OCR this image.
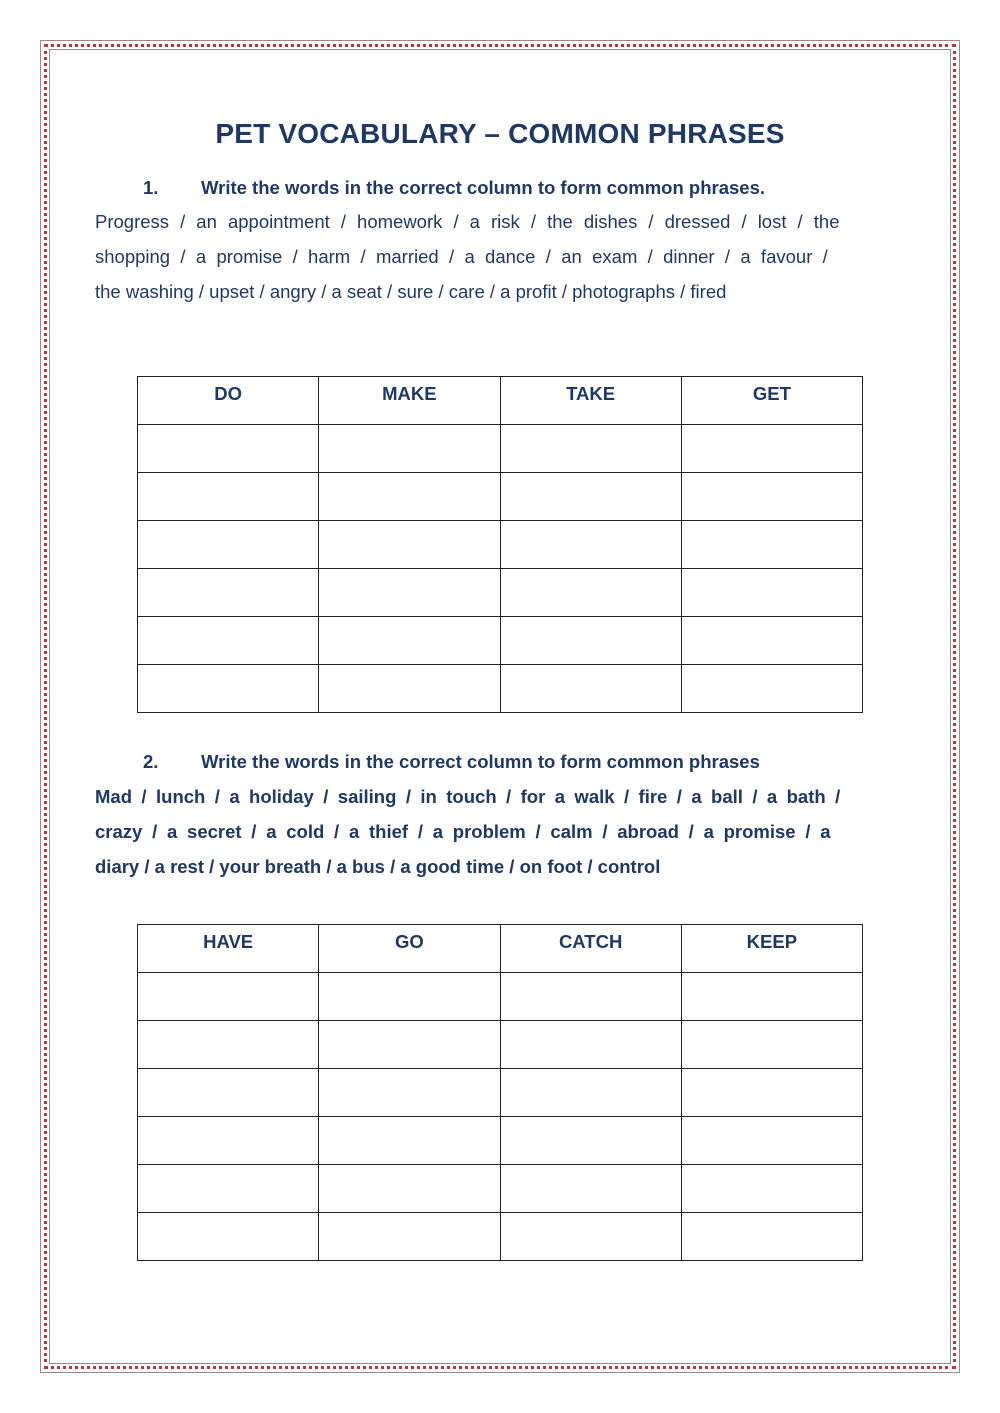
PET VOCABULARY – COMMON PHRASES
1. Write the words in the correct column to form common phrases.
Progress / an appointment / homework / a risk / the dishes / dressed / lost / the
shopping / a promise / harm / married / a dance / an exam / dinner / a favour /
the washing / upset / angry / a seat / sure / care / a profit / photographs / fired
DO	MAKE	TAKE	GET

2. Write the words in the correct column to form common phrases
Mad / lunch / a holiday / sailing / in touch / for a walk / fire / a ball / a bath /
crazy / a secret / a cold / a thief / a problem / calm / abroad / a promise / a
diary / a rest / your breath / a bus / a good time / on foot / control
HAVE	GO	CATCH	KEEP
